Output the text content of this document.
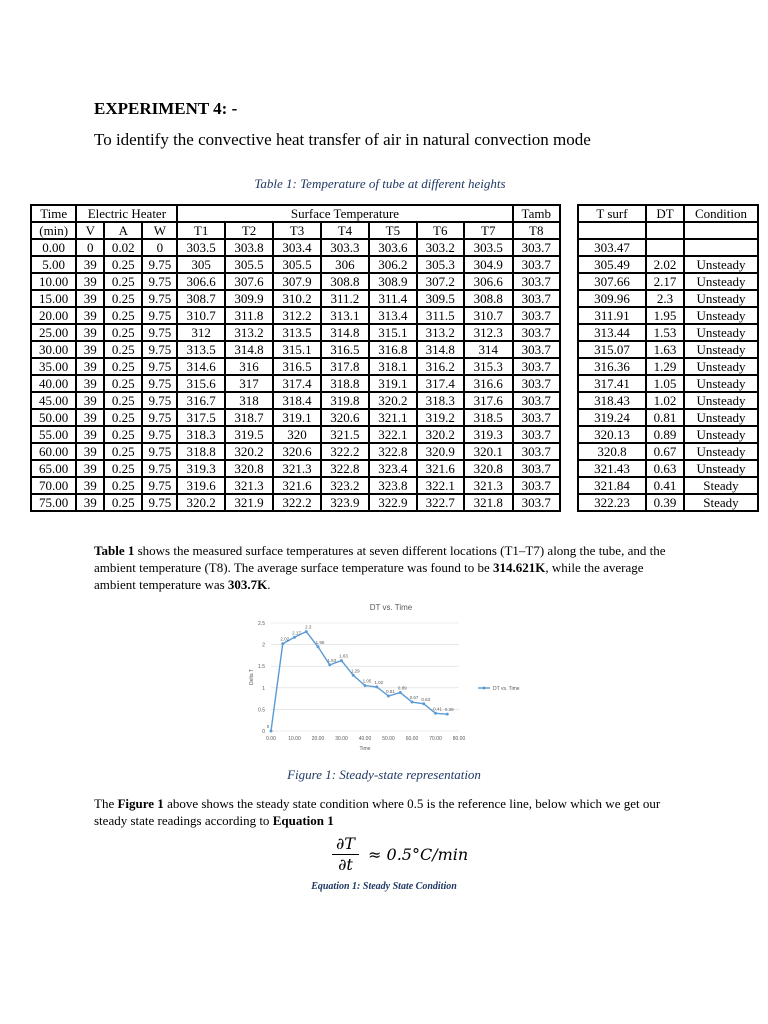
EXPERIMENT 4: -

To identify the convective heat transfer of air in natural convection mode

Table 1: Temperature of tube at different heights
Time	Electric Heater			Surface Temperature							Tamb
(min)	V	A	W	T1	T2	T3	T4	T5	T6	T7	T8
0.00	0	0.02	0	303.5	303.8	303.4	303.3	303.6	303.2	303.5	303.7
5.00	39	0.25	9.75	305	305.5	305.5	306	306.2	305.3	304.9	303.7
10.00	39	0.25	9.75	306.6	307.6	307.9	308.8	308.9	307.2	306.6	303.7
15.00	39	0.25	9.75	308.7	309.9	310.2	311.2	311.4	309.5	308.8	303.7
20.00	39	0.25	9.75	310.7	311.8	312.2	313.1	313.4	311.5	310.7	303.7
25.00	39	0.25	9.75	312	313.2	313.5	314.8	315.1	313.2	312.3	303.7
30.00	39	0.25	9.75	313.5	314.8	315.1	316.5	316.8	314.8	314	303.7
35.00	39	0.25	9.75	314.6	316	316.5	317.8	318.1	316.2	315.3	303.7
40.00	39	0.25	9.75	315.6	317	317.4	318.8	319.1	317.4	316.6	303.7
45.00	39	0.25	9.75	316.7	318	318.4	319.8	320.2	318.3	317.6	303.7
50.00	39	0.25	9.75	317.5	318.7	319.1	320.6	321.1	319.2	318.5	303.7
55.00	39	0.25	9.75	318.3	319.5	320	321.5	322.1	320.2	319.3	303.7
60.00	39	0.25	9.75	318.8	320.2	320.6	322.2	322.8	320.9	320.1	303.7
65.00	39	0.25	9.75	319.3	320.8	321.3	322.8	323.4	321.6	320.8	303.7
70.00	39	0.25	9.75	319.6	321.3	321.6	323.2	323.8	322.1	321.3	303.7
75.00	39	0.25	9.75	320.2	321.9	322.2	323.9	322.9	322.7	321.8	303.7
T surf	DT	Condition

303.47		
305.49	2.02	Unsteady
307.66	2.17	Unsteady
309.96	2.3	Unsteady
311.91	1.95	Unsteady
313.44	1.53	Unsteady
315.07	1.63	Unsteady
316.36	1.29	Unsteady
317.41	1.05	Unsteady
318.43	1.02	Unsteady
319.24	0.81	Unsteady
320.13	0.89	Unsteady
320.8	0.67	Unsteady
321.43	0.63	Unsteady
321.84	0.41	Steady
322.23	0.39	Steady

Table 1 shows the measured surface temperatures at seven different locations (T1–T7) along the tube, and the ambient temperature (T8). The average surface temperature was found to be 314.621K, while the average ambient temperature was 303.7K.

DT vs. Time
0
0.5
1
1.5
2
2.5
0.00 10.00 20.00 30.00 40.00 50.00 60.00 70.00 80.00
Time
Delta T
0
2.02
2.17
2.3
1.95
1.53
1.63
1.29
1.05 1.02
0.81
0.89
0.67 0.63
0.41 0.39
DT vs. Time
Figure 1: Steady-state representation

The Figure 1 above shows the steady state condition where 0.5 is the reference line, below which we get our steady state readings according to Equation 1

$\frac{\partial T}{\partial t} \approx 0.5^\circ C/\min$
Equation 1: Steady State Condition
